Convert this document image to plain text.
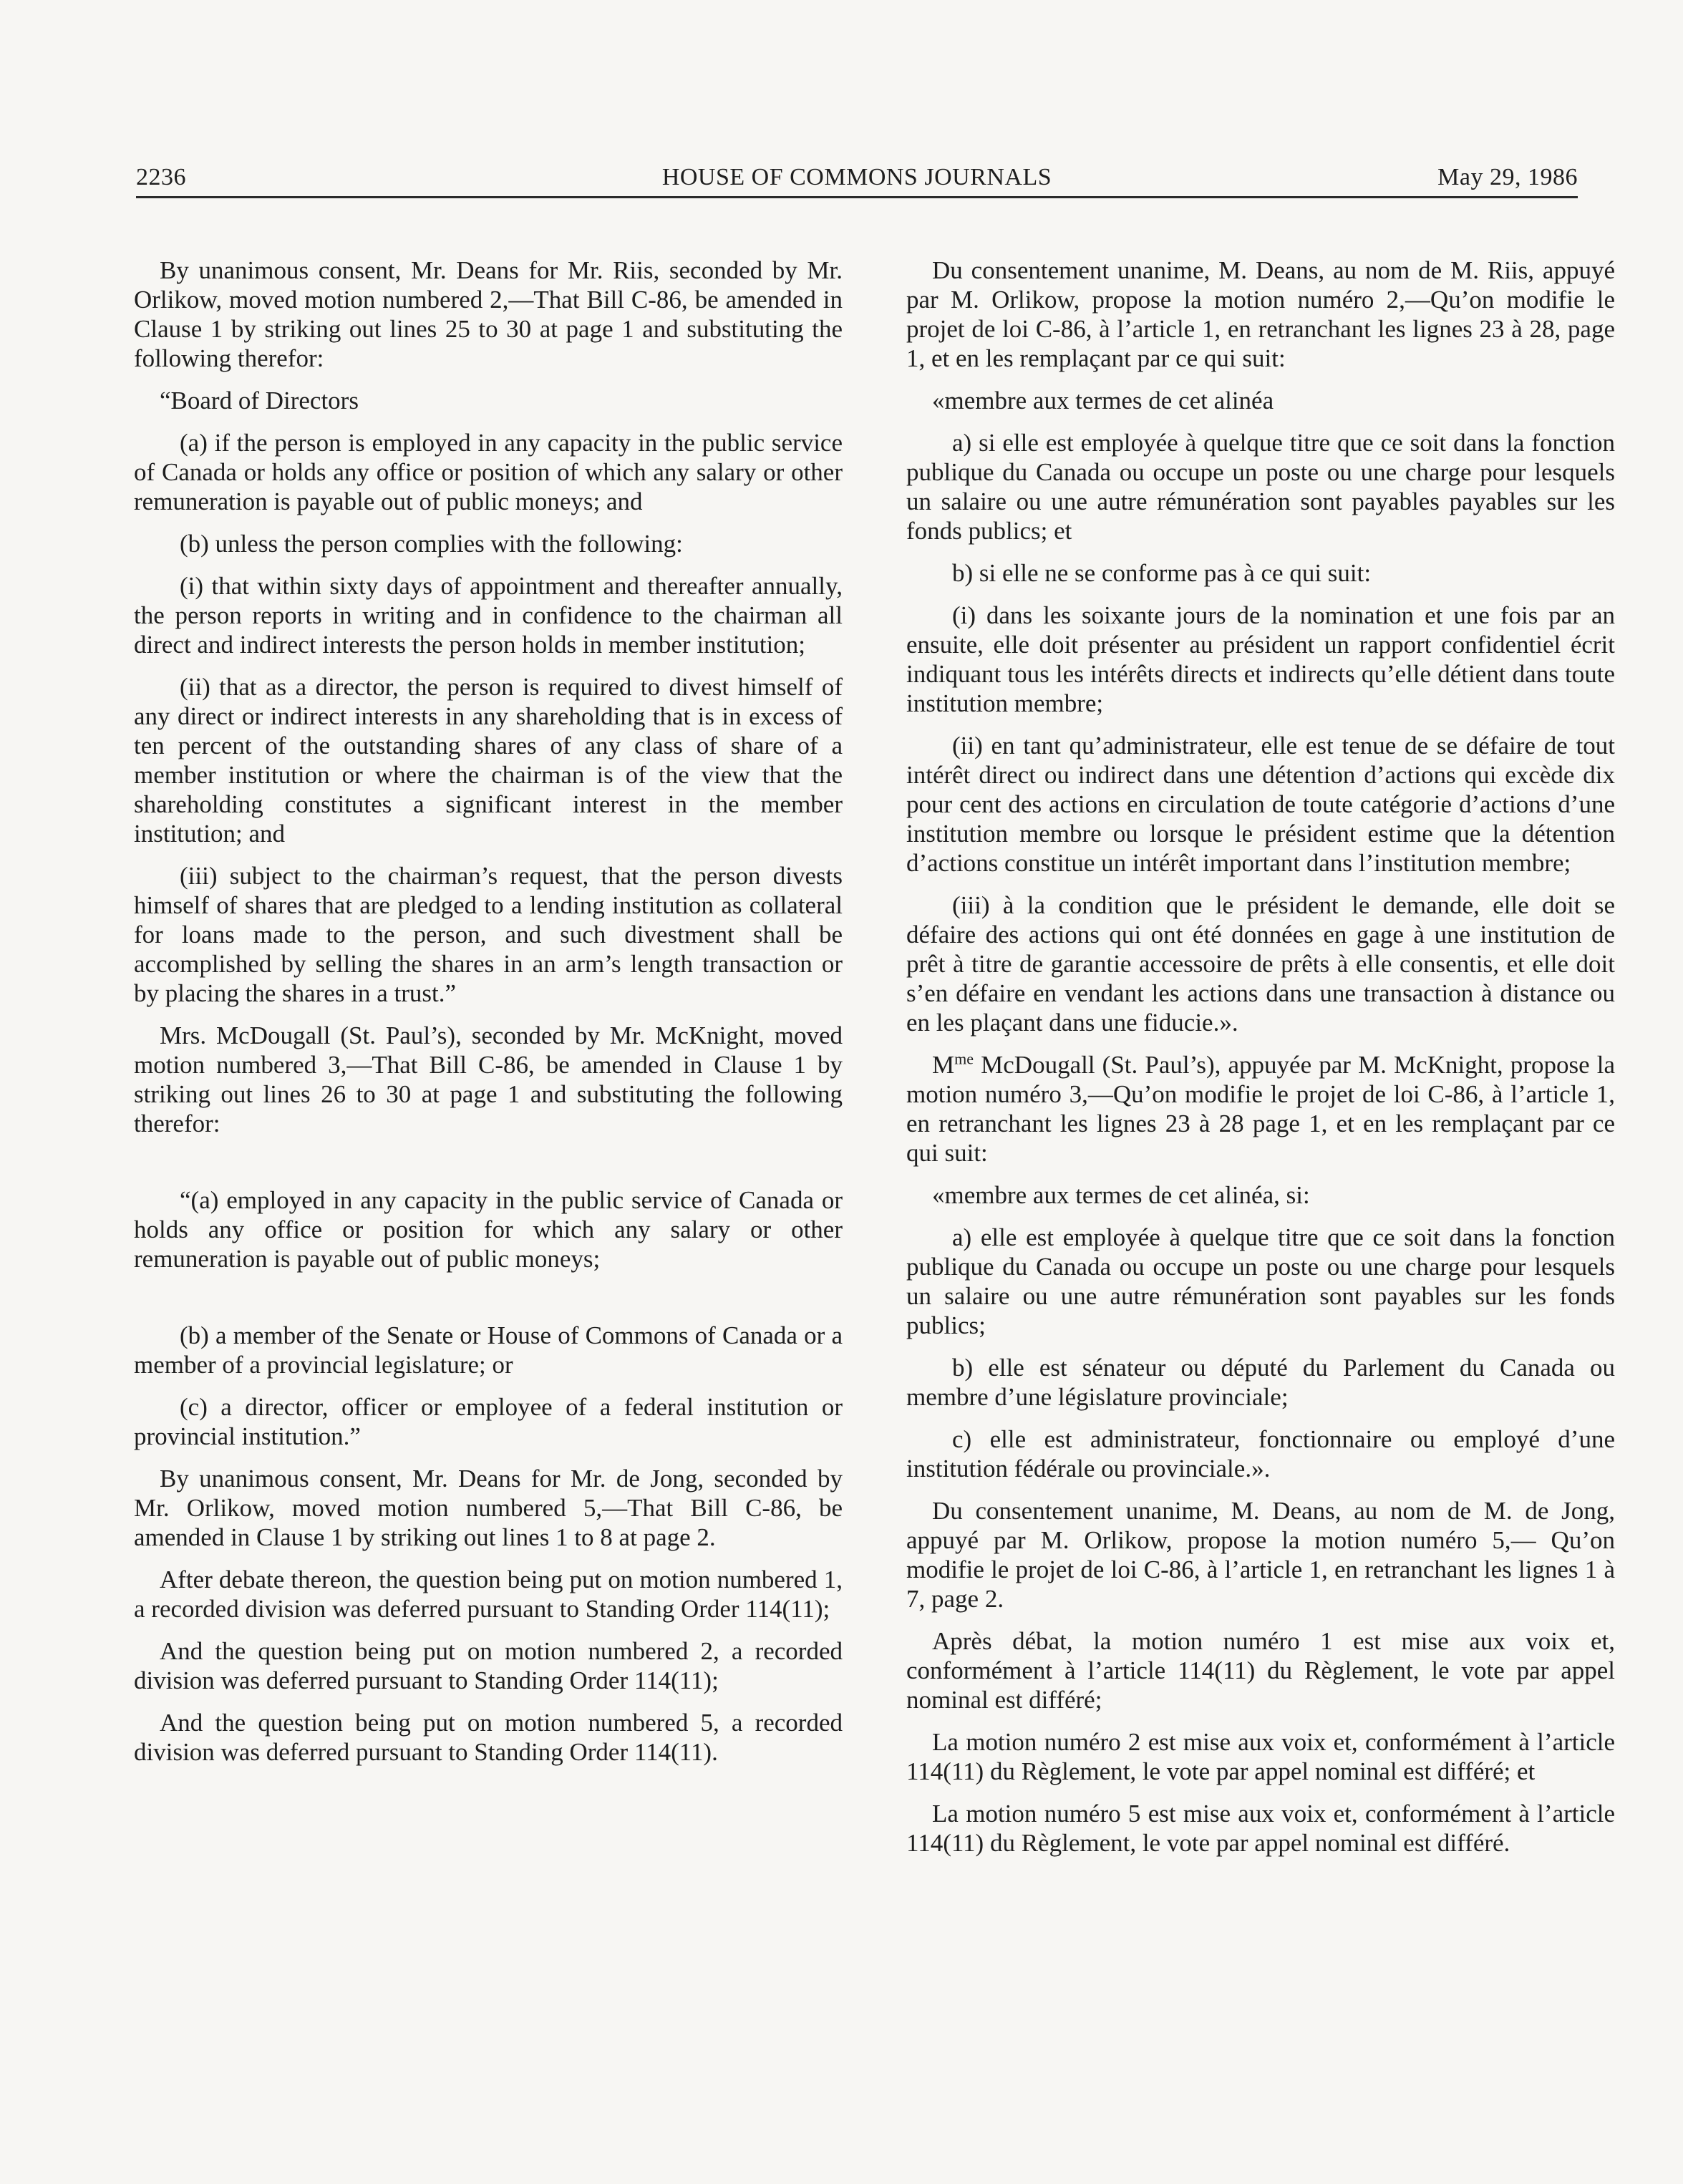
2236	HOUSE OF COMMONS JOURNALS	May 29, 1986

By unanimous consent, Mr. Deans for Mr. Riis, seconded by Mr. Orlikow, moved motion numbered 2,—That Bill C-86, be amended in Clause 1 by striking out lines 25 to 30 at page 1 and substituting the following therefor:

“Board of Directors

(a) if the person is employed in any capacity in the public service of Canada or holds any office or position of which any salary or other remuneration is payable out of public moneys; and

(b) unless the person complies with the following:

(i) that within sixty days of appointment and thereafter annually, the person reports in writing and in confidence to the chairman all direct and indirect interests the person holds in member institution;

(ii) that as a director, the person is required to divest himself of any direct or indirect interests in any shareholding that is in excess of ten percent of the outstanding shares of any class of share of a member institution or where the chairman is of the view that the shareholding constitutes a significant interest in the member institution; and

(iii) subject to the chairman’s request, that the person divests himself of shares that are pledged to a lending institution as collateral for loans made to the person, and such divestment shall be accomplished by selling the shares in an arm’s length transaction or by placing the shares in a trust.”

Mrs. McDougall (St. Paul’s), seconded by Mr. McKnight, moved motion numbered 3,—That Bill C-86, be amended in Clause 1 by striking out lines 26 to 30 at page 1 and substituting the following therefor:

“(a) employed in any capacity in the public service of Canada or holds any office or position for which any salary or other remuneration is payable out of public moneys;

(b) a member of the Senate or House of Commons of Canada or a member of a provincial legislature; or

(c) a director, officer or employee of a federal institution or provincial institution.”

By unanimous consent, Mr. Deans for Mr. de Jong, seconded by Mr. Orlikow, moved motion numbered 5,—That Bill C-86, be amended in Clause 1 by striking out lines 1 to 8 at page 2.

After debate thereon, the question being put on motion numbered 1, a recorded division was deferred pursuant to Standing Order 114(11);

And the question being put on motion numbered 2, a recorded division was deferred pursuant to Standing Order 114(11);

And the question being put on motion numbered 5, a recorded division was deferred pursuant to Standing Order 114(11).

Du consentement unanime, M. Deans, au nom de M. Riis, appuyé par M. Orlikow, propose la motion numéro 2,—Qu’on modifie le projet de loi C-86, à l’article 1, en retranchant les lignes 23 à 28, page 1, et en les remplaçant par ce qui suit:

«membre aux termes de cet alinéa

a) si elle est employée à quelque titre que ce soit dans la fonction publique du Canada ou occupe un poste ou une charge pour lesquels un salaire ou une autre rémunération sont payables payables sur les fonds publics; et

b) si elle ne se conforme pas à ce qui suit:

(i) dans les soixante jours de la nomination et une fois par an ensuite, elle doit présenter au président un rapport confidentiel écrit indiquant tous les intérêts directs et indirects qu’elle détient dans toute institution membre;

(ii) en tant qu’administrateur, elle est tenue de se défaire de tout intérêt direct ou indirect dans une détention d’actions qui excède dix pour cent des actions en circulation de toute catégorie d’actions d’une institution membre ou lorsque le président estime que la détention d’actions constitue un intérêt important dans l’institution membre;

(iii) à la condition que le président le demande, elle doit se défaire des actions qui ont été données en gage à une institution de prêt à titre de garantie accessoire de prêts à elle consentis, et elle doit s’en défaire en vendant les actions dans une transaction à distance ou en les plaçant dans une fiducie.».

$M^{me}$ McDougall (St. Paul’s), appuyée par M. McKnight, propose la motion numéro 3,—Qu’on modifie le projet de loi C-86, à l’article 1, en retranchant les lignes 23 à 28 page 1, et en les remplaçant par ce qui suit:

«membre aux termes de cet alinéa, si:

a) elle est employée à quelque titre que ce soit dans la fonction publique du Canada ou occupe un poste ou une charge pour lesquels un salaire ou une autre rémunération sont payables sur les fonds publics;

b) elle est sénateur ou député du Parlement du Canada ou membre d’une législature provinciale;

c) elle est administrateur, fonctionnaire ou employé d’une institution fédérale ou provinciale.».

Du consentement unanime, M. Deans, au nom de M. de Jong, appuyé par M. Orlikow, propose la motion numéro 5,— Qu’on modifie le projet de loi C-86, à l’article 1, en retranchant les lignes 1 à 7, page 2.

Après débat, la motion numéro 1 est mise aux voix et, conformément à l’article 114(11) du Règlement, le vote par appel nominal est différé;

La motion numéro 2 est mise aux voix et, conformément à l’article 114(11) du Règlement, le vote par appel nominal est différé; et

La motion numéro 5 est mise aux voix et, conformément à l’article 114(11) du Règlement, le vote par appel nominal est différé.
